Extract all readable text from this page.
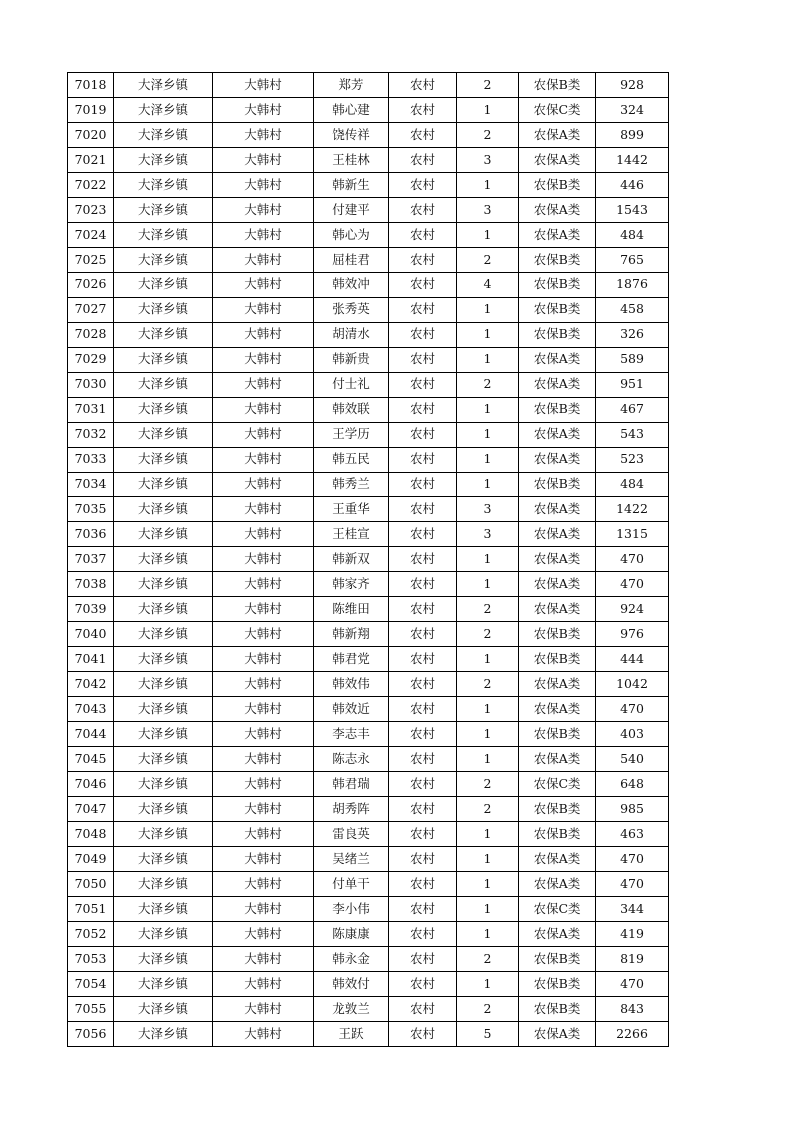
7018	大泽乡镇	大韩村	郑芳	农村	2	农保B类	928
7019	大泽乡镇	大韩村	韩心建	农村	1	农保C类	324
7020	大泽乡镇	大韩村	饶传祥	农村	2	农保A类	899
7021	大泽乡镇	大韩村	王桂林	农村	3	农保A类	1442
7022	大泽乡镇	大韩村	韩新生	农村	1	农保B类	446
7023	大泽乡镇	大韩村	付建平	农村	3	农保A类	1543
7024	大泽乡镇	大韩村	韩心为	农村	1	农保A类	484
7025	大泽乡镇	大韩村	屈桂君	农村	2	农保B类	765
7026	大泽乡镇	大韩村	韩效冲	农村	4	农保B类	1876
7027	大泽乡镇	大韩村	张秀英	农村	1	农保B类	458
7028	大泽乡镇	大韩村	胡清水	农村	1	农保B类	326
7029	大泽乡镇	大韩村	韩新贵	农村	1	农保A类	589
7030	大泽乡镇	大韩村	付士礼	农村	2	农保A类	951
7031	大泽乡镇	大韩村	韩效联	农村	1	农保B类	467
7032	大泽乡镇	大韩村	王学历	农村	1	农保A类	543
7033	大泽乡镇	大韩村	韩五民	农村	1	农保A类	523
7034	大泽乡镇	大韩村	韩秀兰	农村	1	农保B类	484
7035	大泽乡镇	大韩村	王重华	农村	3	农保A类	1422
7036	大泽乡镇	大韩村	王桂宣	农村	3	农保A类	1315
7037	大泽乡镇	大韩村	韩新双	农村	1	农保A类	470
7038	大泽乡镇	大韩村	韩家齐	农村	1	农保A类	470
7039	大泽乡镇	大韩村	陈维田	农村	2	农保A类	924
7040	大泽乡镇	大韩村	韩新翔	农村	2	农保B类	976
7041	大泽乡镇	大韩村	韩君党	农村	1	农保B类	444
7042	大泽乡镇	大韩村	韩效伟	农村	2	农保A类	1042
7043	大泽乡镇	大韩村	韩效近	农村	1	农保A类	470
7044	大泽乡镇	大韩村	李志丰	农村	1	农保B类	403
7045	大泽乡镇	大韩村	陈志永	农村	1	农保A类	540
7046	大泽乡镇	大韩村	韩君瑞	农村	2	农保C类	648
7047	大泽乡镇	大韩村	胡秀阵	农村	2	农保B类	985
7048	大泽乡镇	大韩村	雷良英	农村	1	农保B类	463
7049	大泽乡镇	大韩村	吴绪兰	农村	1	农保A类	470
7050	大泽乡镇	大韩村	付单干	农村	1	农保A类	470
7051	大泽乡镇	大韩村	李小伟	农村	1	农保C类	344
7052	大泽乡镇	大韩村	陈康康	农村	1	农保A类	419
7053	大泽乡镇	大韩村	韩永金	农村	2	农保B类	819
7054	大泽乡镇	大韩村	韩效付	农村	1	农保B类	470
7055	大泽乡镇	大韩村	龙敦兰	农村	2	农保B类	843
7056	大泽乡镇	大韩村	王跃	农村	5	农保A类	2266
